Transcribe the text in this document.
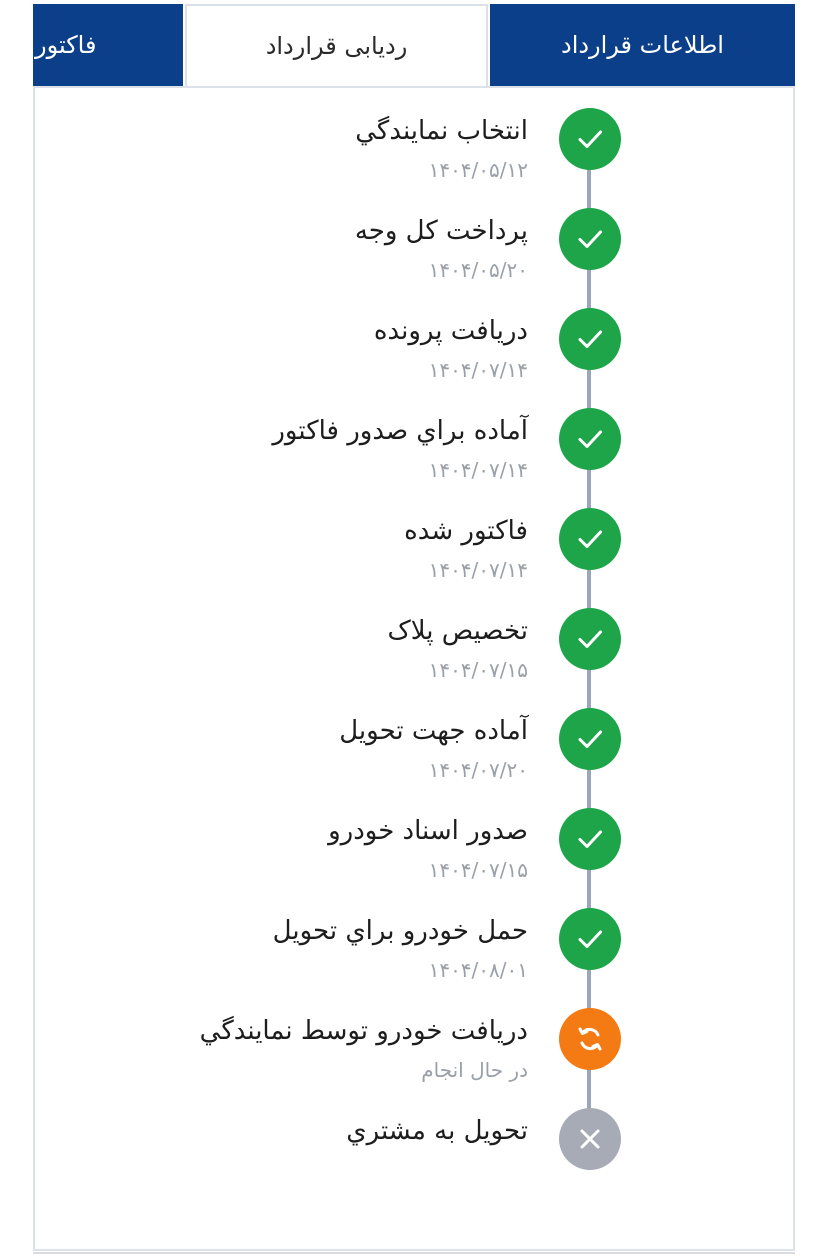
اطلاعات قرارداد
ردیابی قرارداد
فاکتور
انتخاب نمايندگي
۱۴۰۴/۰۵/۱۲
پرداخت کل وجه
۱۴۰۴/۰۵/۲۰
دريافت پرونده
۱۴۰۴/۰۷/۱۴
آماده براي صدور فاکتور
۱۴۰۴/۰۷/۱۴
فاکتور شده
۱۴۰۴/۰۷/۱۴
تخصيص پلاک
۱۴۰۴/۰۷/۱۵
آماده جهت تحويل
۱۴۰۴/۰۷/۲۰
صدور اسناد خودرو
۱۴۰۴/۰۷/۱۵
حمل خودرو براي تحويل
۱۴۰۴/۰۸/۰۱
دريافت خودرو توسط نمايندگي
در حال انجام
تحويل به مشتري
